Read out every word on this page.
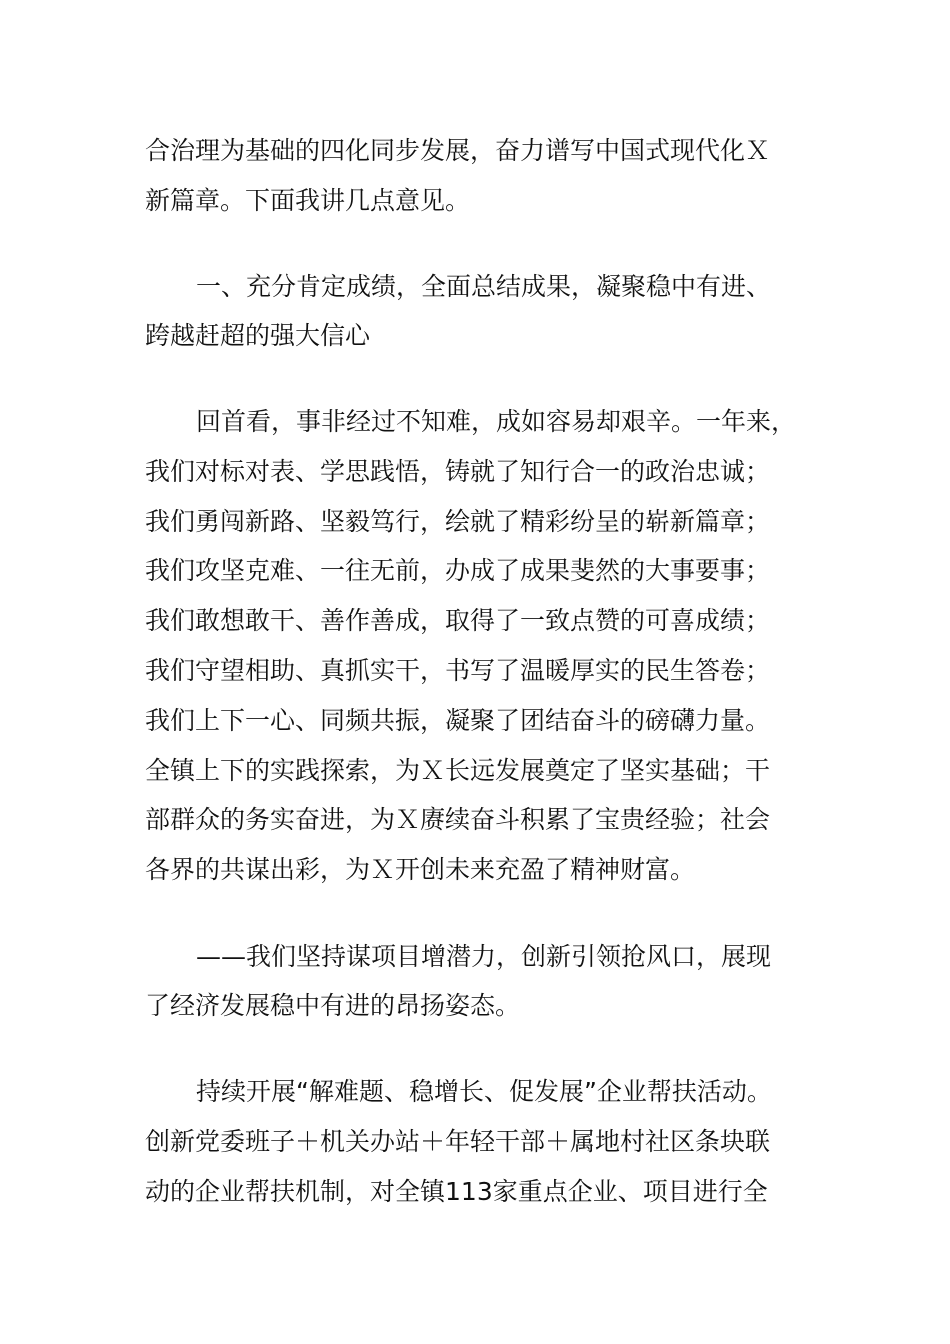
合治理为基础的四化同步发展，奋力谱写中国式现代化Ｘ
新篇章。下面我讲几点意见。
一、充分肯定成绩，全面总结成果，凝聚稳中有进、
跨越赶超的强大信心
回首看，事非经过不知难，成如容易却艰辛。一年来，
我们对标对表、学思践悟，铸就了知行合一的政治忠诚；
我们勇闯新路、坚毅笃行，绘就了精彩纷呈的崭新篇章；
我们攻坚克难、一往无前，办成了成果斐然的大事要事；
我们敢想敢干、善作善成，取得了一致点赞的可喜成绩；
我们守望相助、真抓实干，书写了温暖厚实的民生答卷；
我们上下一心、同频共振，凝聚了团结奋斗的磅礴力量。
全镇上下的实践探索，为Ｘ长远发展奠定了坚实基础；干
部群众的务实奋进，为Ｘ赓续奋斗积累了宝贵经验；社会
各界的共谋出彩，为Ｘ开创未来充盈了精神财富。
——我们坚持谋项目增潜力，创新引领抢风口，展现
了经济发展稳中有进的昂扬姿态。
持续开展“解难题、稳增长、促发展”企业帮扶活动。
创新党委班子＋机关办站＋年轻干部＋属地村社区条块联
动的企业帮扶机制，对全镇113家重点企业、项目进行全
